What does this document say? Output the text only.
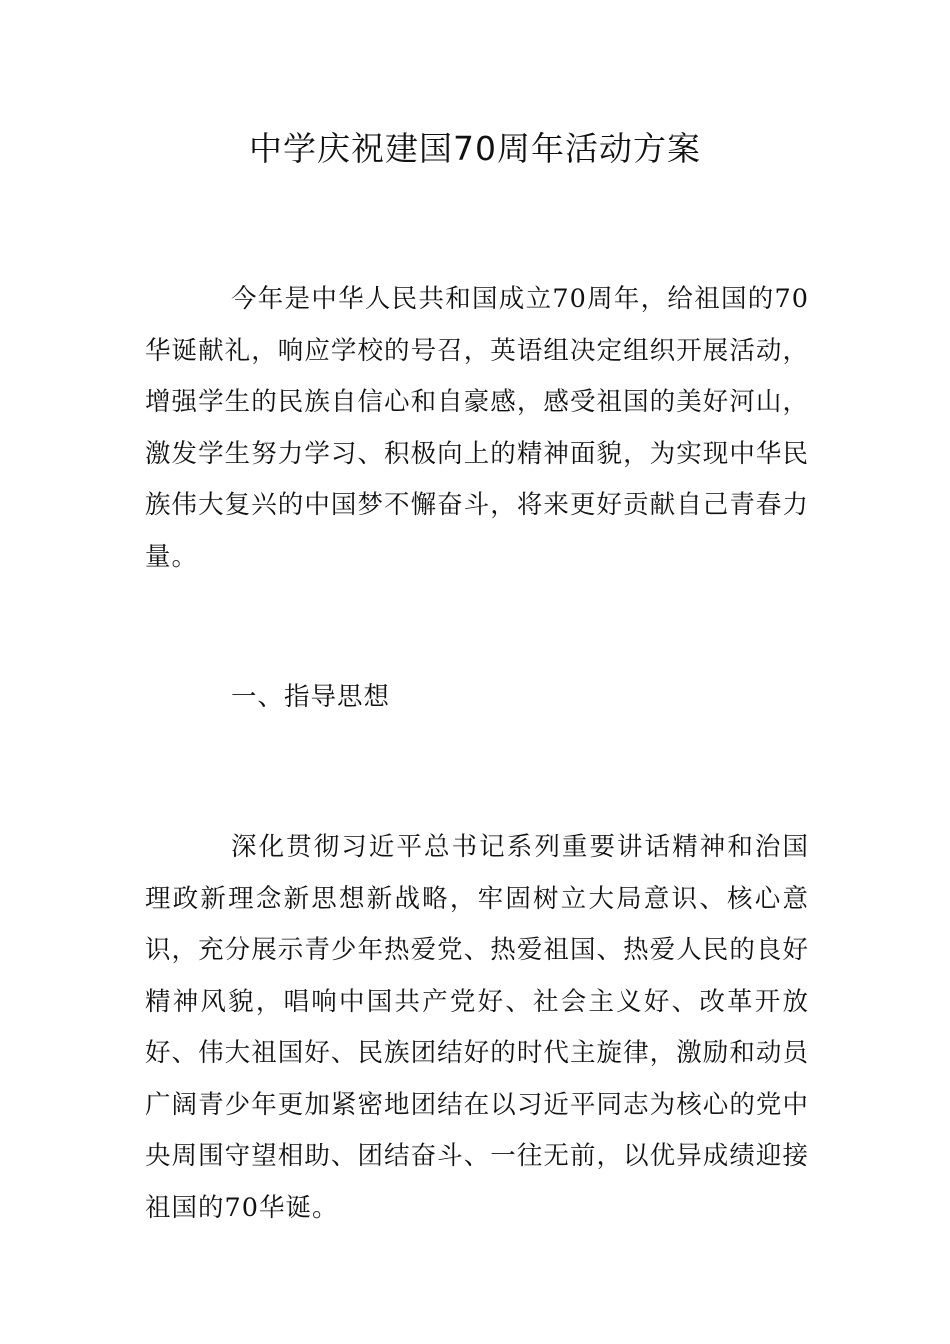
中学庆祝建国70周年活动方案

今年是中华人民共和国成立70周年，给祖国的70华诞献礼，响应学校的号召，英语组决定组织开展活动，增强学生的民族自信心和自豪感，感受祖国的美好河山，激发学生努力学习、积极向上的精神面貌，为实现中华民族伟大复兴的中国梦不懈奋斗，将来更好贡献自己青春力量。

一、指导思想

深化贯彻习近平总书记系列重要讲话精神和治国理政新理念新思想新战略，牢固树立大局意识、核心意识，充分展示青少年热爱党、热爱祖国、热爱人民的良好精神风貌，唱响中国共产党好、社会主义好、改革开放好、伟大祖国好、民族团结好的时代主旋律，激励和动员广阔青少年更加紧密地团结在以习近平同志为核心的党中央周围守望相助、团结奋斗、一往无前，以优异成绩迎接祖国的70华诞。
